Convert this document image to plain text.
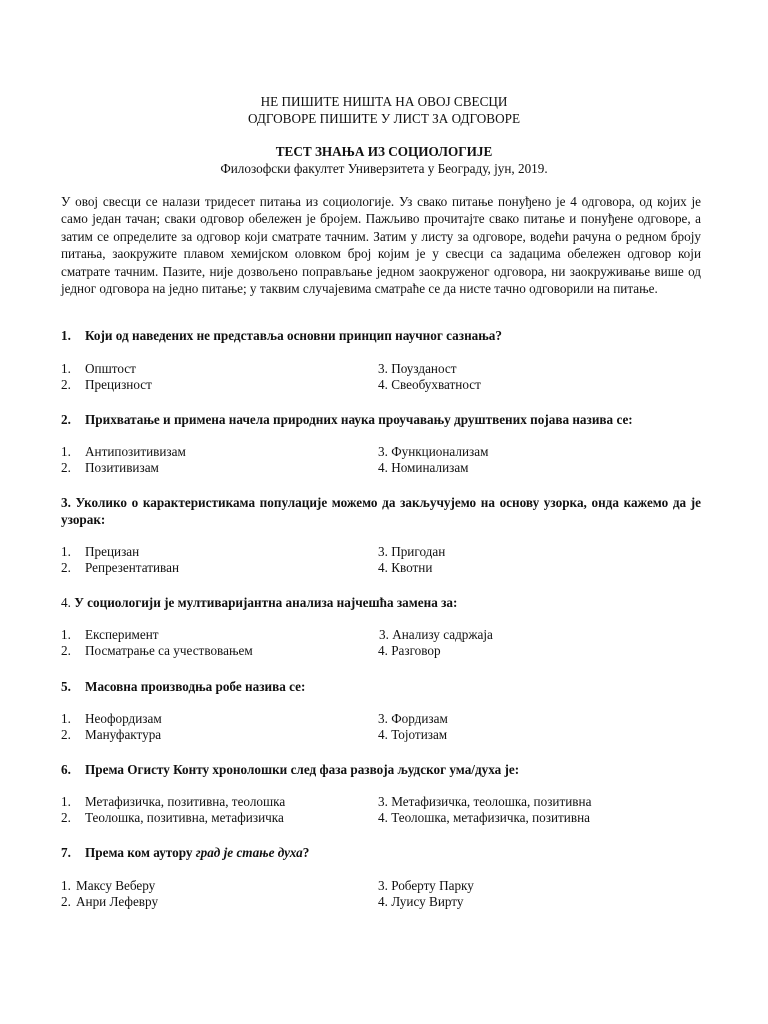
НЕ ПИШИТЕ НИШТА НА ОВОЈ СВЕСЦИ
ОДГОВОРЕ ПИШИТЕ У ЛИСТ ЗА ОДГОВОРЕ
ТЕСТ ЗНАЊА ИЗ СОЦИОЛОГИЈЕ
Филозофски факултет Универзитета у Београду, јун, 2019.
У овој свесци се налази тридесет питања из социологије. Уз свако питање понуђено је 4 одговора, од којих је само један тачан; сваки одговор обележен је бројем. Пажљиво прочитајте свако питање и понуђене одговоре, а затим се определите за одговор који сматрате тачним. Затим у листу за одговоре, водећи рачуна о редном броју питања, заокружите плавом хемијском оловком број којим је у свесци са задацима обележен одговор који сматрате тачним. Пазите, није дозвољено поправљање једном заокруженог одговора, ни заокруживање више од једног одговора на једно питање; у таквим случајевима сматраће се да нисте тачно одговорили на питање.
1. Који од наведених не представља основни принцип научног сазнања?
1. Општост
2. Прецизност
3. Поузданост
4. Свеобухватност
2. Прихватање и примена начела природних наука проучавању друштвених појава назива се:
1. Антипозитивизам
2. Позитивизам
3. Функционализам
4. Номинализам
3. Уколико о карактеристикама популације можемо да закључујемо на основу узорка, онда кажемо да је узорак:
1. Прецизан
2. Репрезентативан
3. Пригодан
4. Квотни
4. У социологији је мултиваријантна анализа најчешћа замена за:
1. Експеримент
2. Посматрање са учествовањем
3. Анализу садржаја
4. Разговор
5. Масовна производња робе назива се:
1. Неофордизам
2. Мануфактура
3. Фордизам
4. Тојотизам
6. Према Огисту Конту хронолошки след фаза развоја људског ума/духа је:
1. Метафизичка, позитивна, теолошка
2. Теолошка, позитивна, метафизичка
3. Метафизичка, теолошка, позитивна
4. Теолошка, метафизичка, позитивна
7. Према ком аутору град је стање духа?
1. Максу Веберу
2. Анри Лефевру
3. Роберту Парку
4. Луису Вирту
